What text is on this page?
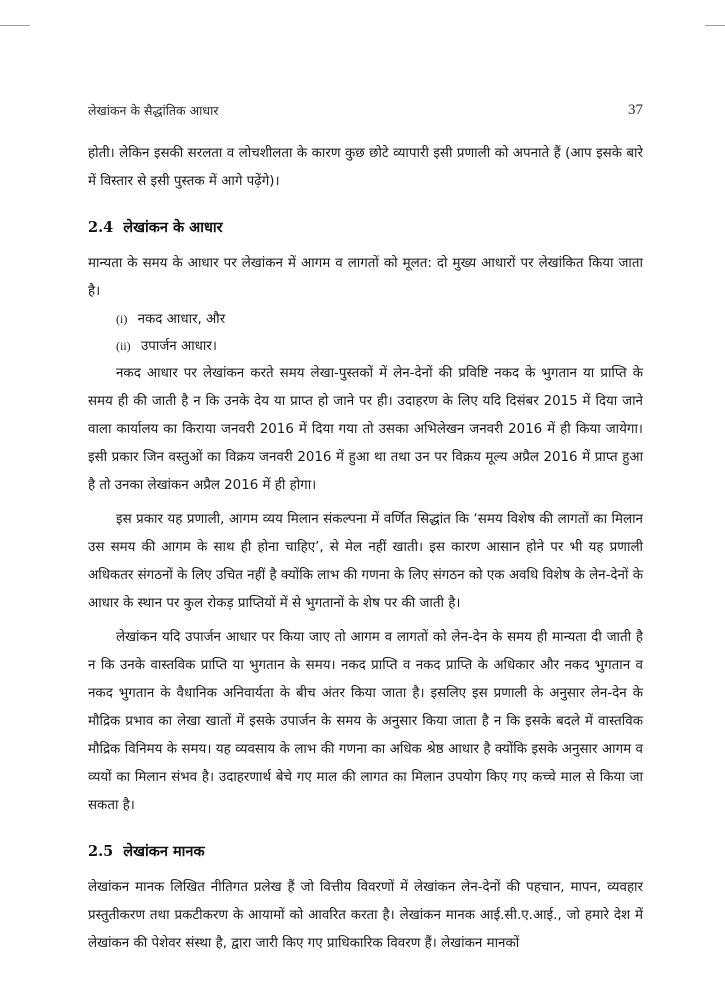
लेखांकन के सैद्धांतिक आधार	37

होती। लेकिन इसकी सरलता व लोचशीलता के कारण कुछ छोटे व्यापारी इसी प्रणाली को अपनाते हैं (आप इसके बारे में विस्तार से इसी पुस्तक में आगे पढ़ेंगे)।

2.4 लेखांकन के आधार

मान्यता के समय के आधार पर लेखांकन में आगम व लागतों को मूलत: दो मुख्य आधारों पर लेखांकित किया जाता है।

(i) नकद आधार, और
(ii) उपार्जन आधार।

नकद आधार पर लेखांकन करते समय लेखा-पुस्तकों में लेन-देनों की प्रविष्टि नकद के भुगतान या प्राप्ति के समय ही की जाती है न कि उनके देय या प्राप्त हो जाने पर ही। उदाहरण के लिए यदि दिसंबर 2015 में दिया जाने वाला कार्यालय का किराया जनवरी 2016 में दिया गया तो उसका अभिलेखन जनवरी 2016 में ही किया जायेगा। इसी प्रकार जिन वस्तुओं का विक्रय जनवरी 2016 में हुआ था तथा उन पर विक्रय मूल्य अप्रैल 2016 में प्राप्त हुआ है तो उनका लेखांकन अप्रैल 2016 में ही होगा।

इस प्रकार यह प्रणाली, आगम व्यय मिलान संकल्पना में वर्णित सिद्धांत कि ‘समय विशेष की लागतों का मिलान उस समय की आगम के साथ ही होना चाहिए’, से मेल नहीं खाती। इस कारण आसान होने पर भी यह प्रणाली अधिकतर संगठनों के लिए उचित नहीं है क्योंकि लाभ की गणना के लिए संगठन को एक अवधि विशेष के लेन-देनों के आधार के स्थान पर कुल रोकड़ प्राप्तियों में से भुगतानों के शेष पर की जाती है।

लेखांकन यदि उपार्जन आधार पर किया जाए तो आगम व लागतों को लेन-देन के समय ही मान्यता दी जाती है न कि उनके वास्तविक प्राप्ति या भुगतान के समय। नकद प्राप्ति व नकद प्राप्ति के अधिकार और नकद भुगतान व नकद भुगतान के वैधानिक अनिवार्यता के बीच अंतर किया जाता है। इसलिए इस प्रणाली के अनुसार लेन-देन के मौद्रिक प्रभाव का लेखा खातों में इसके उपार्जन के समय के अनुसार किया जाता है न कि इसके बदले में वास्तविक मौद्रिक विनिमय के समय। यह व्यवसाय के लाभ की गणना का अधिक श्रेष्ठ आधार है क्योंकि इसके अनुसार आगम व व्ययों का मिलान संभव है। उदाहरणार्थ बेचे गए माल की लागत का मिलान उपयोग किए गए कच्चे माल से किया जा सकता है।

2.5 लेखांकन मानक

लेखांकन मानक लिखित नीतिगत प्रलेख हैं जो वित्तीय विवरणों में लेखांकन लेन-देनों की पहचान, मापन, व्यवहार प्रस्तुतीकरण तथा प्रकटीकरण के आयामों को आवरित करता है। लेखांकन मानक आई.सी.ए.आई., जो हमारे देश में लेखांकन की पेशेवर संस्था है, द्वारा जारी किए गए प्राधिकारिक विवरण हैं। लेखांकन मानकों
